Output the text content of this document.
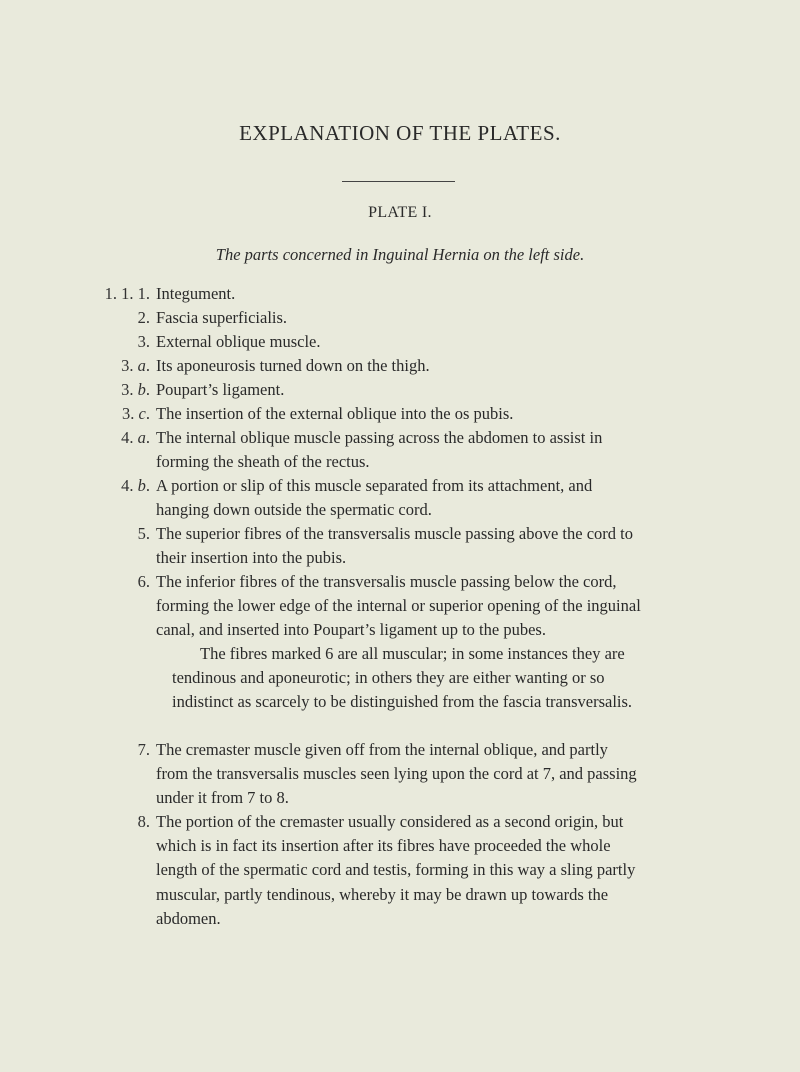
EXPLANATION OF THE PLATES.
PLATE I.

The parts concerned in Inguinal Hernia on the left side.

1. 1. 1. Integument.
2. Fascia superficialis.
3. External oblique muscle.
3. a. Its aponeurosis turned down on the thigh.
3. b. Poupart’s ligament.
3. c. The insertion of the external oblique into the os pubis.
4. a. The internal oblique muscle passing across the abdomen to assist in forming the sheath of the rectus.
4. b. A portion or slip of this muscle separated from its attachment, and hanging down outside the spermatic cord.
5. The superior fibres of the transversalis muscle passing above the cord to their insertion into the pubis.
6. The inferior fibres of the transversalis muscle passing below the cord, forming the lower edge of the internal or superior opening of the inguinal canal, and inserted into Poupart’s ligament up to the pubes.
The fibres marked 6 are all muscular; in some instances they are tendinous and aponeurotic; in others they are either wanting or so indistinct as scarcely to be distinguished from the fascia transversalis.
7. The cremaster muscle given off from the internal oblique, and partly from the transversalis muscles seen lying upon the cord at 7, and passing under it from 7 to 8.
8. The portion of the cremaster usually considered as a second origin, but which is in fact its insertion after its fibres have proceeded the whole length of the spermatic cord and testis, forming in this way a sling partly muscular, partly tendinous, whereby it may be drawn up towards the abdomen.
